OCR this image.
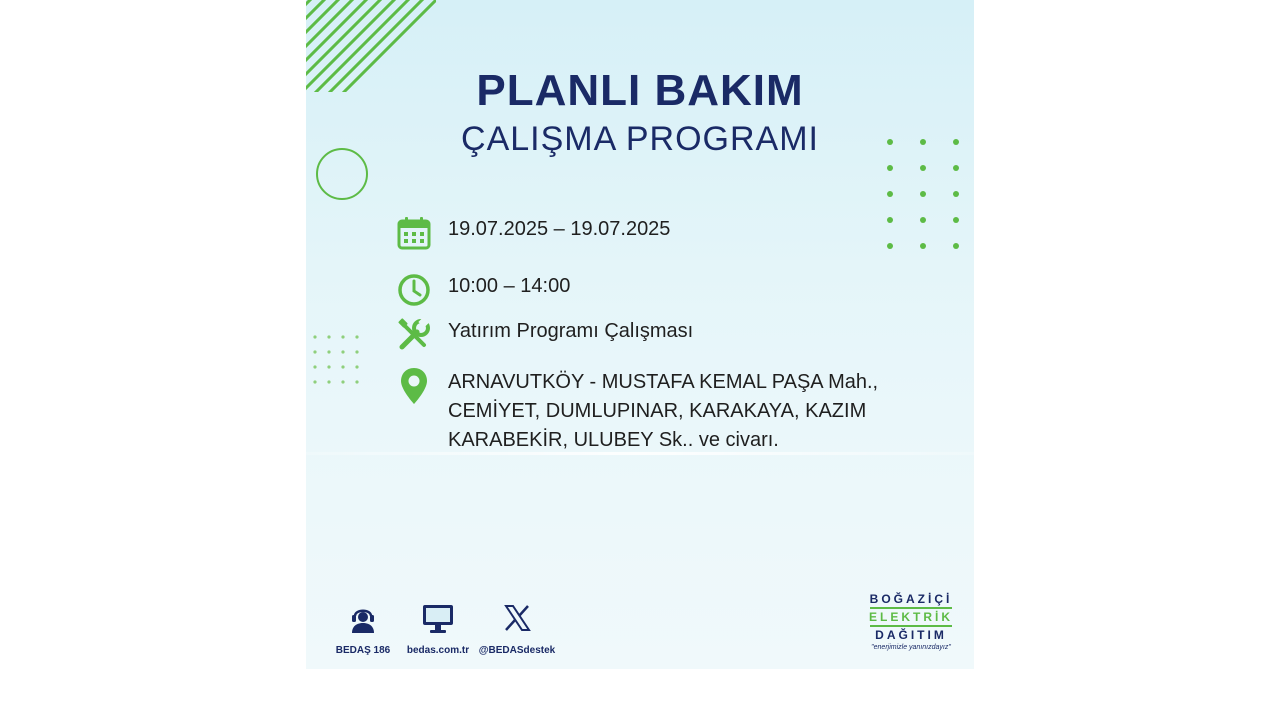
PLANLI BAKIM
ÇALIŞMA PROGRAMI
19.07.2025 – 19.07.2025
10:00 – 14:00
Yatırım Programı Çalışması
ARNAVUTKÖY - MUSTAFA KEMAL PAŞA Mah.,
CEMİYET, DUMLUPINAR, KARAKAYA, KAZIM
KARABEKİR, ULUBEY Sk.. ve civarı.
BEDAŞ 186 bedas.com.tr @BEDASdestek
BOĞAZİÇİ
ELEKTRİK
DAĞITIM
"enerjimizle yanınızdayız"
